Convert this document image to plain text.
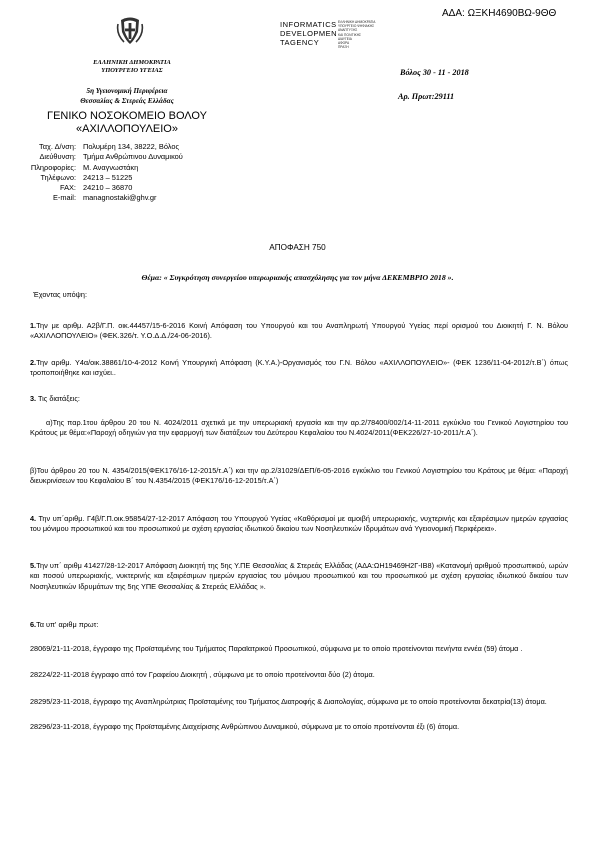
ΑΔΑ: ΩΞΚΗ4690ΒΩ-9ΘΘ
INFORMATICS
DEVELOPMEN
TAGENCY
ΕΛΛΗΝΙΚΗ ΔΗΜΟΚΡΑΤΙΑ
ΥΠΟΥΡΓΕΙΟ ΨΗΦΙΑΚΗΣ
ΑΝΑΠΤΥΞΗΣ
ΚΑΙ ΠΟΛΙΤΙΚΗΣ
ΔΙΑΥΓΕΙΑ
ΑΦΟΡΑ
ΠΡΑΞΗ
ΕΛΛΗΝΙΚΗ ΔΗΜΟΚΡΑΤΙΑ
ΥΠΟΥΡΓΕΙΟ ΥΓΕΙΑΣ
5η Υγειονομική Περιφέρεια
Θεσσαλίας & Στερεάς Ελλάδας
ΓΕΝΙΚΟ ΝΟΣΟΚΟΜΕΙΟ ΒΟΛΟΥ
«ΑΧΙΛΛΟΠΟΥΛΕΙΟ»
Βόλος 30 - 11 - 2018
Αρ. Πρωτ:29111
Ταχ. Δ/νση: Πολυμέρη 134, 38222, Βόλος
Διεύθυνση: Τμήμα Ανθρώπινου Δυναμικού
Πληροφορίες: Μ. Αναγνωστάκη
Τηλέφωνο: 24213 – 51225
FAX: 24210 – 36870
E-mail: managnostaki@ghv.gr
ΑΠΟΦΑΣΗ 750
Θέμα: « Συγκρότηση συνεργείου υπερωριακής απασχόλησης για τον μήνα ΔΕΚΕΜΒΡΙΟ 2018 ».
Έχοντας υπόψη:
1.Την με αριθμ. Α2β/Γ.Π. οικ.44457/15-6-2016 Κοινή Απόφαση του Υπουργού και του Αναπληρωτή Υπουργού Υγείας περί ορισμού του Διοικητή Γ. Ν. Βόλου «ΑΧΙΛΛΟΠΟΥΛΕΙΟ» (ΦΕΚ.326/τ. Υ.Ο.Δ.Δ./24-06-2016).
2.Την αριθμ. Υ4α/οικ.38861/10-4-2012 Κοινή Υπουργική Απόφαση (Κ.Υ.Α.)-Οργανισμός του Γ.Ν. Βόλου «ΑΧΙΛΛΟΠΟΥΛΕΙΟ»- (ΦΕΚ 1236/11-04-2012/τ.Β΄) όπως τροποποιήθηκε και ισχύει..
3. Τις διατάξεις:
α)Της παρ.1του άρθρου 20 του Ν. 4024/2011 σχετικά με την υπερωριακή εργασία και την αρ.2/78400/002/14-11-2011 εγκύκλιο του Γενικού Λογιστηρίου του Κράτους με θέμα:«Παροχή οδηγιών για την εφαρμογή των διατάξεων του Δεύτερου Κεφαλαίου του Ν.4024/2011(ΦΕΚ226/27-10-2011/τ.Α΄).
β)Του άρθρου 20 του Ν. 4354/2015(ΦΕΚ176/16-12-2015/τ.Α΄) και την αρ.2/31029/ΔΕΠ/6-05-2016 εγκύκλιο του Γενικού Λογιστηρίου του Κράτους με θέμα: «Παροχή διευκρινίσεων του Κεφαλαίου Β΄ του Ν.4354/2015 (ΦΕΚ176/16-12-2015/τ.Α΄)
4. Την υπ΄αριθμ. Γ4β/Γ.Π.οικ.95854/27-12-2017 Απόφαση του Υπουργού Υγείας «Καθόρισμοί με αμοιβή υπερωριακής, νυχτερινής και εξαιρέσιμων ημερών εργασίας του μόνιμου προσωπικού και του προσωπικού με σχέση εργασίας ιδιωτικού δικαίου των Νοσηλευτικών Ιδρυμάτων ανά Υγειονομική Περιφέρεια».
5.Την υπ΄ αριθμ 41427/28-12-2017 Απόφαση Διοικητή της 5ης Υ.ΠΕ Θεσσαλίας & Στερεάς Ελλάδας (ΑΔΑ:ΩΗ19469Η2Γ-ΙΒ8) «Κατανομή αριθμού προσωπικού, ωρών και ποσού υπερωριακής, νυκτερινής και εξαιρέσιμων ημερών εργασίας του μόνιμου προσωπικού και του προσωπικού με σχέση εργασίας ιδιωτικού δικαίου των Νοσηλευτικών Ιδρυμάτων της 5ης ΥΠΕ Θεσσαλίας & Στερεάς Ελλάδας ».
6.Τα υπ' αριθμ πρωτ:
28069/21-11-2018, έγγραφο της Προϊσταμένης του Τμήματος Παραϊατρικού Προσωπικού, σύμφωνα με το οποίο προτείνονται πενήντα εννέα (59) άτομα .
28224/22-11-2018 έγγραφο από τον Γραφείου Διοικητή , σύμφωνα με το οποίο προτείνονται δύο (2) άτομα.
28295/23-11-2018, έγγραφο της Αναπληρώτριας Προϊσταμένης του Τμήματος Διατροφής & Διαιτολογίας, σύμφωνα με το οποίο προτείνονται δεκατρία(13) άτομα.
28296/23-11-2018, έγγραφο της Προϊσταμένης Διαχείρισης Ανθρώπινου Δυναμικού, σύμφωνα με το οποίο προτείνονται έξι (6) άτομα.
